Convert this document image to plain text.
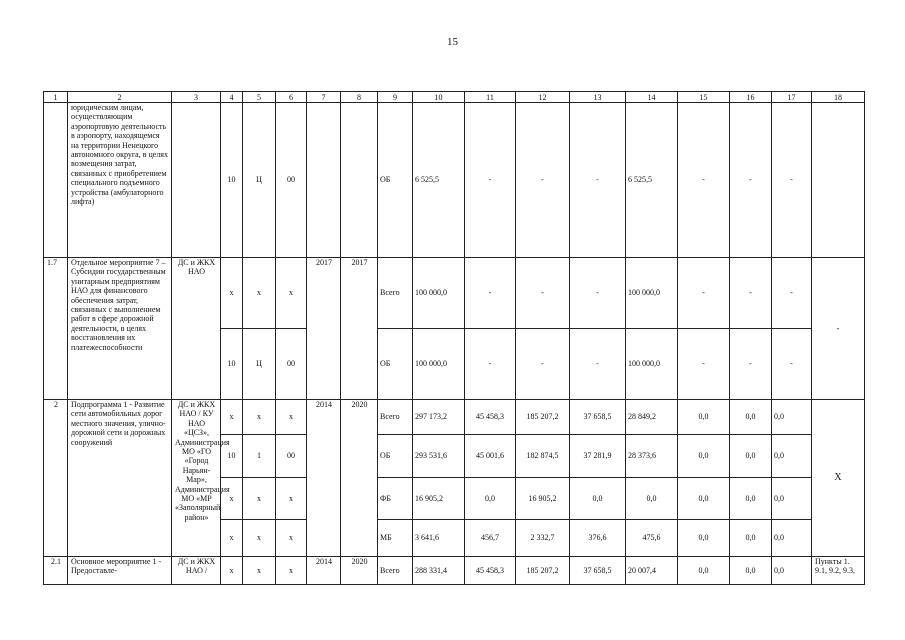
15
1	2	3	4	5	6	7	8	9	10	11	12	13	14	15	16	17	18
	юридическим лицам, осуществляющим аэропортовую деятельность в аэропорту, находящемся на территории Ненецкого автономного округа, в целях возмещения затрат, связанных с приобретением специального подъемного устройства (амбулаторного лифта)		10	Ц	00			ОБ	6 525,5	-	-	-	6 525,5	-	-	-	
1.7	Отдельное мероприятие 7 – Субсидии государственным унитарным предприятиям НАО для финансового обеспечения затрат, связанных с выполнением работ в сфере дорожной деятельности, в целях восстановления их платежеспособности	ДС и ЖКХ НАО	x	x	x	2017	2017	Всего	100 000,0	-	-	-	100 000,0	-	-	-	-
			10	Ц	00			ОБ	100 000,0	-	-	-	100 000,0	-	-	-	
2	Подпрограмма 1 - Развитие сети автомобильных дорог местного значения, улично-дорожной сети и дорожных сооружений	ДС и ЖКХ НАО / КУ НАО «ЦСЗ», Администрация МО «ГО «Город Нарьян-Мар», Администрация МО «МР «Заполярный район»	x	x	x	2014	2020	Всего	297 173,2	45 458,3	185 207,2	37 658,5	28 849,2	0,0	0,0	0,0	X
			10	1	00			ОБ	293 531,6	45 001,6	182 874,5	37 281,9	28 373,6	0,0	0,0	0,0	
			x	x	x			ФБ	16 905,2	0,0	16 905,2	0,0	0,0	0,0	0,0	0,0	
			x	x	x			МБ	3 641,6	456,7	2 332,7	376,6	475,6	0,0	0,0	0,0	
2.1	Основное мероприятие 1 - Предоставле-	ДС и ЖКХ НАО /	x	x	x	2014	2020	Всего	288 331,4	45 458,3	185 207,2	37 658,5	20 007,4	0,0	0,0	0,0	Пункты 1. 9.1, 9.2, 9.3,
